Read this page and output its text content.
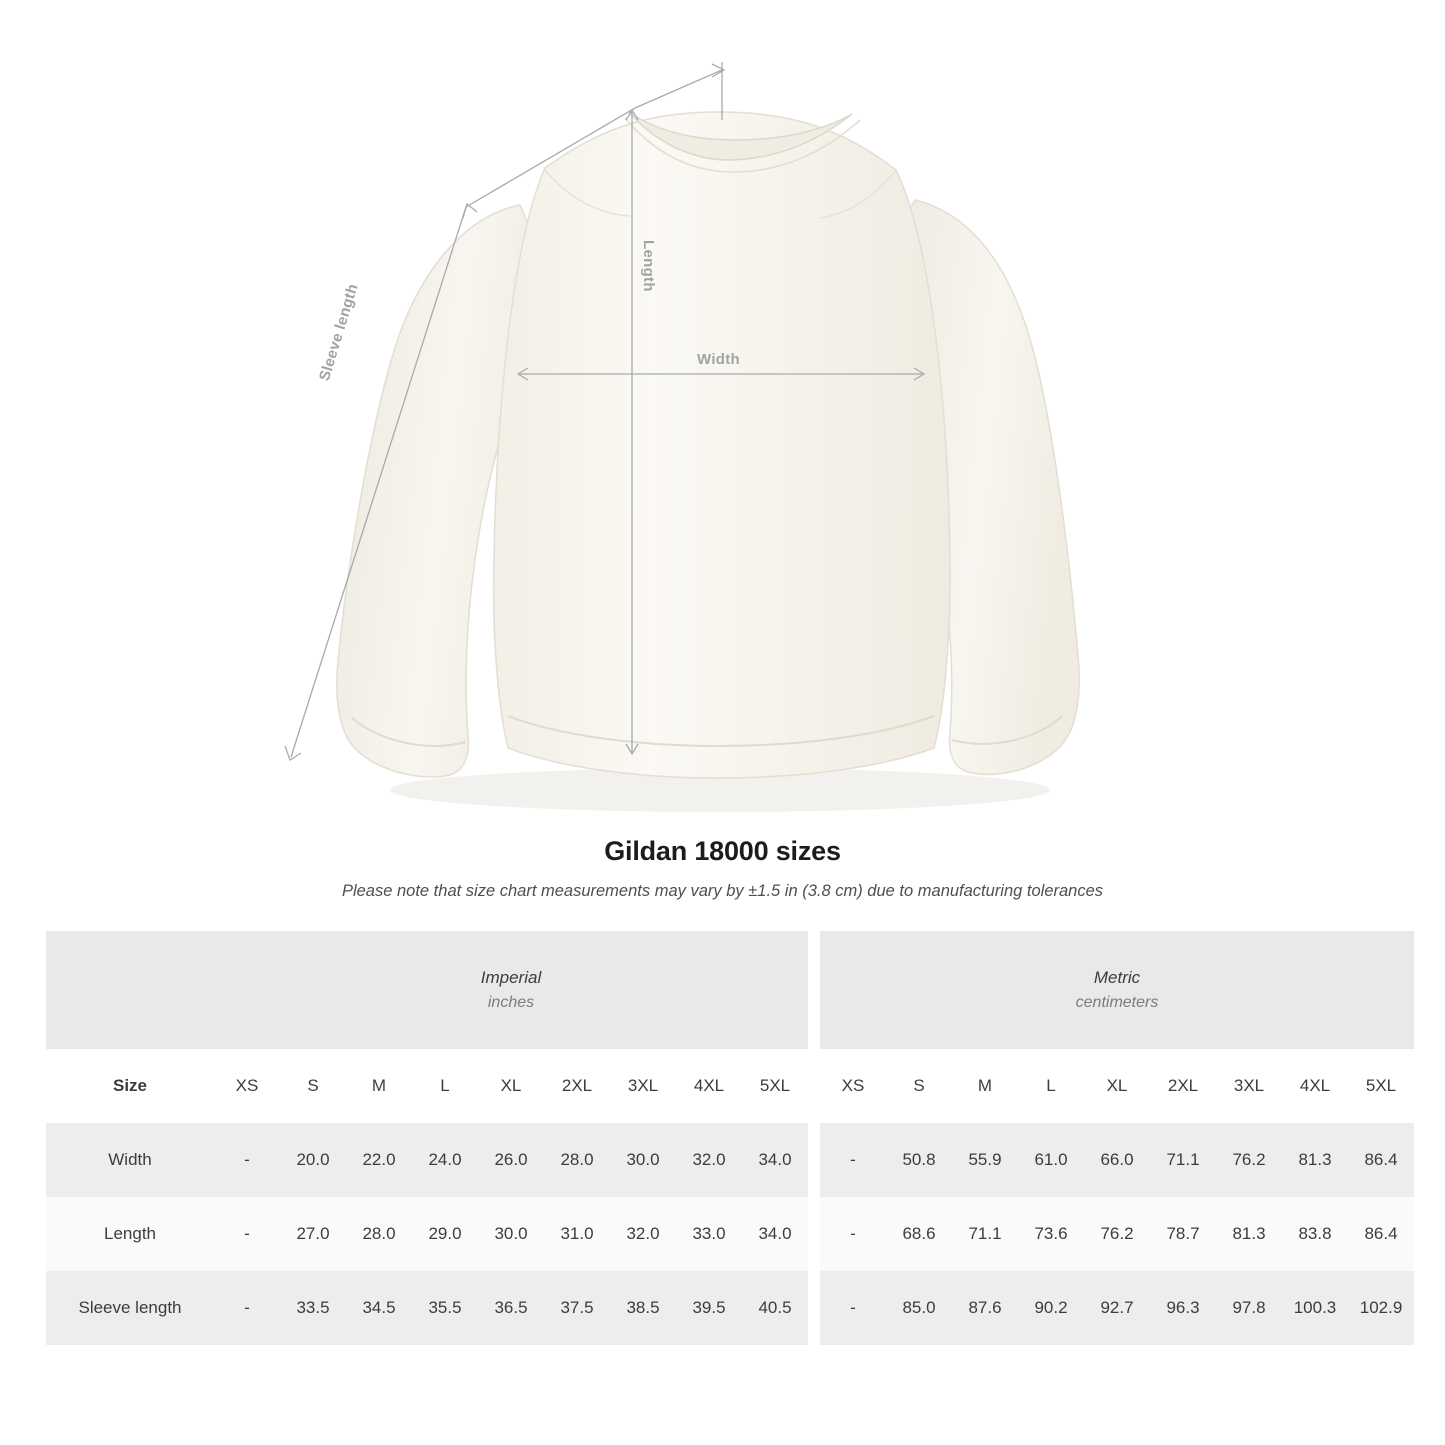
Length
Width
Sleeve length
Gildan 18000 sizes
Please note that size chart measurements may vary by ±1.5 in (3.8 cm) due to manufacturing tolerances
	Imperial
inches										Metric
centimeters								

Size	XS	S	M	L	XL	2XL	3XL	4XL	5XL		XS	S	M	L	XL	2XL	3XL	4XL	5XL
Width	-	20.0	22.0	24.0	26.0	28.0	30.0	32.0	34.0		-	50.8	55.9	61.0	66.0	71.1	76.2	81.3	86.4
Length	-	27.0	28.0	29.0	30.0	31.0	32.0	33.0	34.0		-	68.6	71.1	73.6	76.2	78.7	81.3	83.8	86.4
Sleeve length	-	33.5	34.5	35.5	36.5	37.5	38.5	39.5	40.5		-	85.0	87.6	90.2	92.7	96.3	97.8	100.3	102.9
